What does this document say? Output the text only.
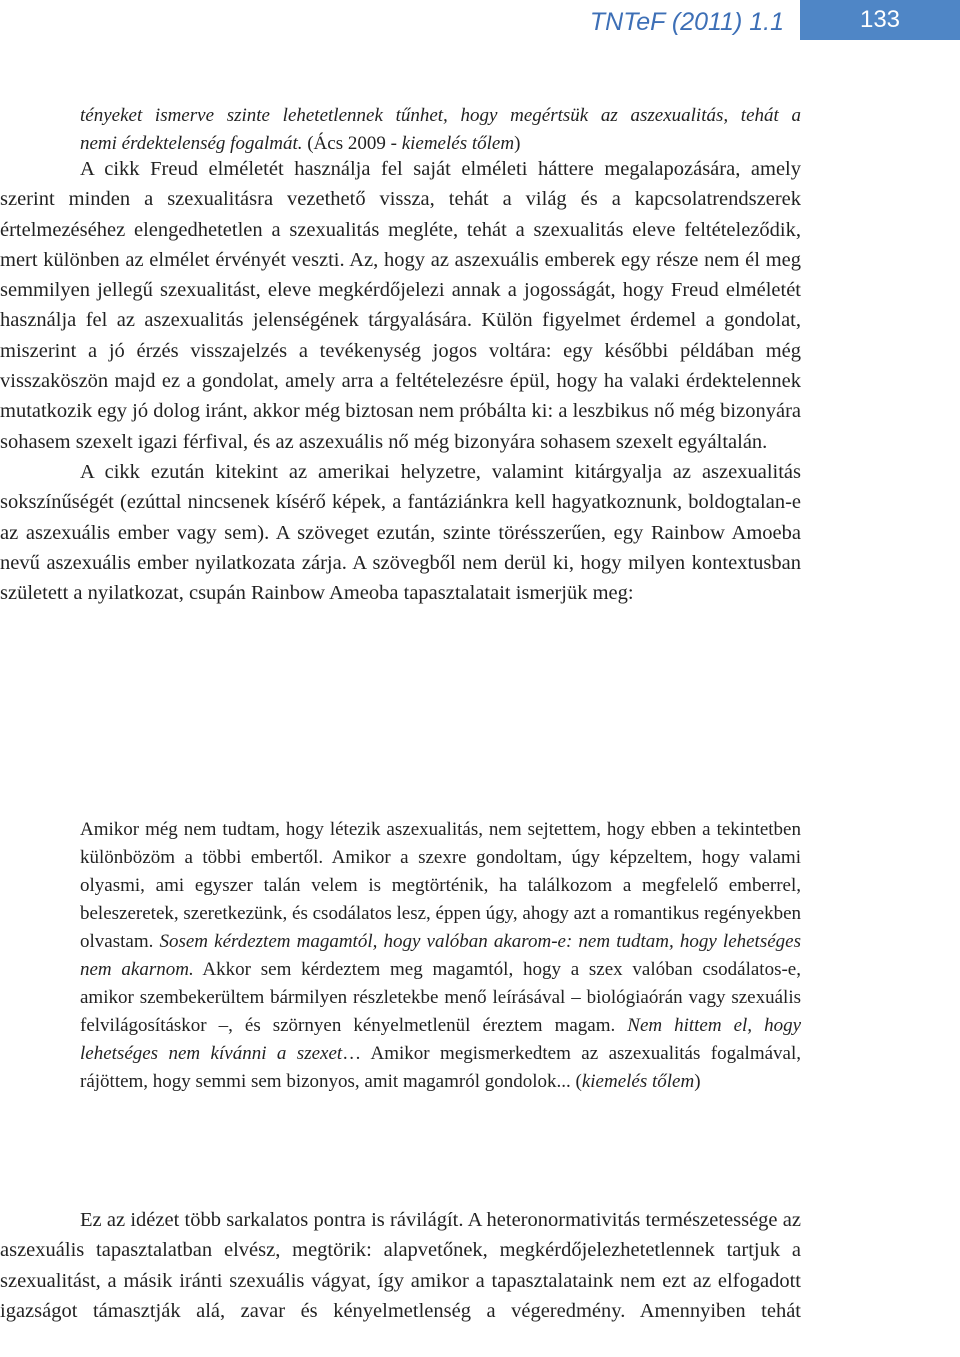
TNTeF (2011) 1.1	133

tényeket ismerve szinte lehetetlennek tűnhet, hogy megértsük az aszexualitás, tehát a

nemi érdektelenség fogalmát. (Ács 2009 - kiemelés tőlem)

A cikk Freud elméletét használja fel saját elméleti háttere megalapozására, amely szerint minden a szexualitásra vezethető vissza, tehát a világ és a kapcsolatrendszerek értelmezéséhez elengedhetetlen a szexualitás megléte, tehát a szexualitás eleve feltételeződik, mert különben az elmélet érvényét veszti. Az, hogy az aszexuális emberek egy része nem él meg semmilyen jellegű szexualitást, eleve megkérdőjelezi annak a jogosságát, hogy Freud elméletét használja fel az aszexualitás jelenségének tárgyalására. Külön figyelmet érdemel a gondolat, miszerint a jó érzés visszajelzés a tevékenység jogos voltára: egy későbbi példában még visszaköszön majd ez a gondolat, amely arra a feltételezésre épül, hogy ha valaki érdektelennek mutatkozik egy jó dolog iránt, akkor még biztosan nem próbálta ki: a leszbikus nő még bizonyára sohasem szexelt igazi férfival, és az aszexuális nő még bizonyára sohasem szexelt egyáltalán.

A cikk ezután kitekint az amerikai helyzetre, valamint kitárgyalja az aszexualitás sokszínűségét (ezúttal nincsenek kísérő képek, a fantáziánkra kell hagyatkoznunk, boldogtalan-e az aszexuális ember vagy sem). A szöveget ezután, szinte törésszerűen, egy Rainbow Amoeba nevű aszexuális ember nyilatkozata zárja. A szövegből nem derül ki, hogy milyen kontextusban született a nyilatkozat, csupán Rainbow Ameoba tapasztalatait ismerjük meg:

Amikor még nem tudtam, hogy létezik aszexualitás, nem sejtettem, hogy ebben a tekintetben különbözöm a többi embertől. Amikor a szexre gondoltam, úgy képzeltem, hogy valami olyasmi, ami egyszer talán velem is megtörténik, ha találkozom a megfelelő emberrel, beleszeretek, szeretkezünk, és csodálatos lesz, éppen úgy, ahogy azt a romantikus regényekben olvastam. Sosem kérdeztem magamtól, hogy valóban akarom-e: nem tudtam, hogy lehetséges nem akarnom. Akkor sem kérdeztem meg magamtól, hogy a szex valóban csodálatos-e, amikor szembekerültem bármilyen részletekbe menő leírásával – biológiaórán vagy szexuális felvilágosításkor –, és szörnyen kényelmetlenül éreztem magam. Nem hittem el, hogy lehetséges nem kívánni a szexet… Amikor megismerkedtem az aszexualitás fogalmával, rájöttem, hogy semmi sem bizonyos, amit magamról gondolok... (kiemelés tőlem)

Ez az idézet több sarkalatos pontra is rávilágít. A heteronormativitás természetessége az aszexuális tapasztalatban elvész, megtörik: alapvetőnek, megkérdőjelezhetetlennek tartjuk a szexualitást, a másik iránti szexuális vágyat, így amikor a tapasztalataink nem ezt az elfogadott igazságot támasztják alá, zavar és kényelmetlenség a végeredmény. Amennyiben tehát
